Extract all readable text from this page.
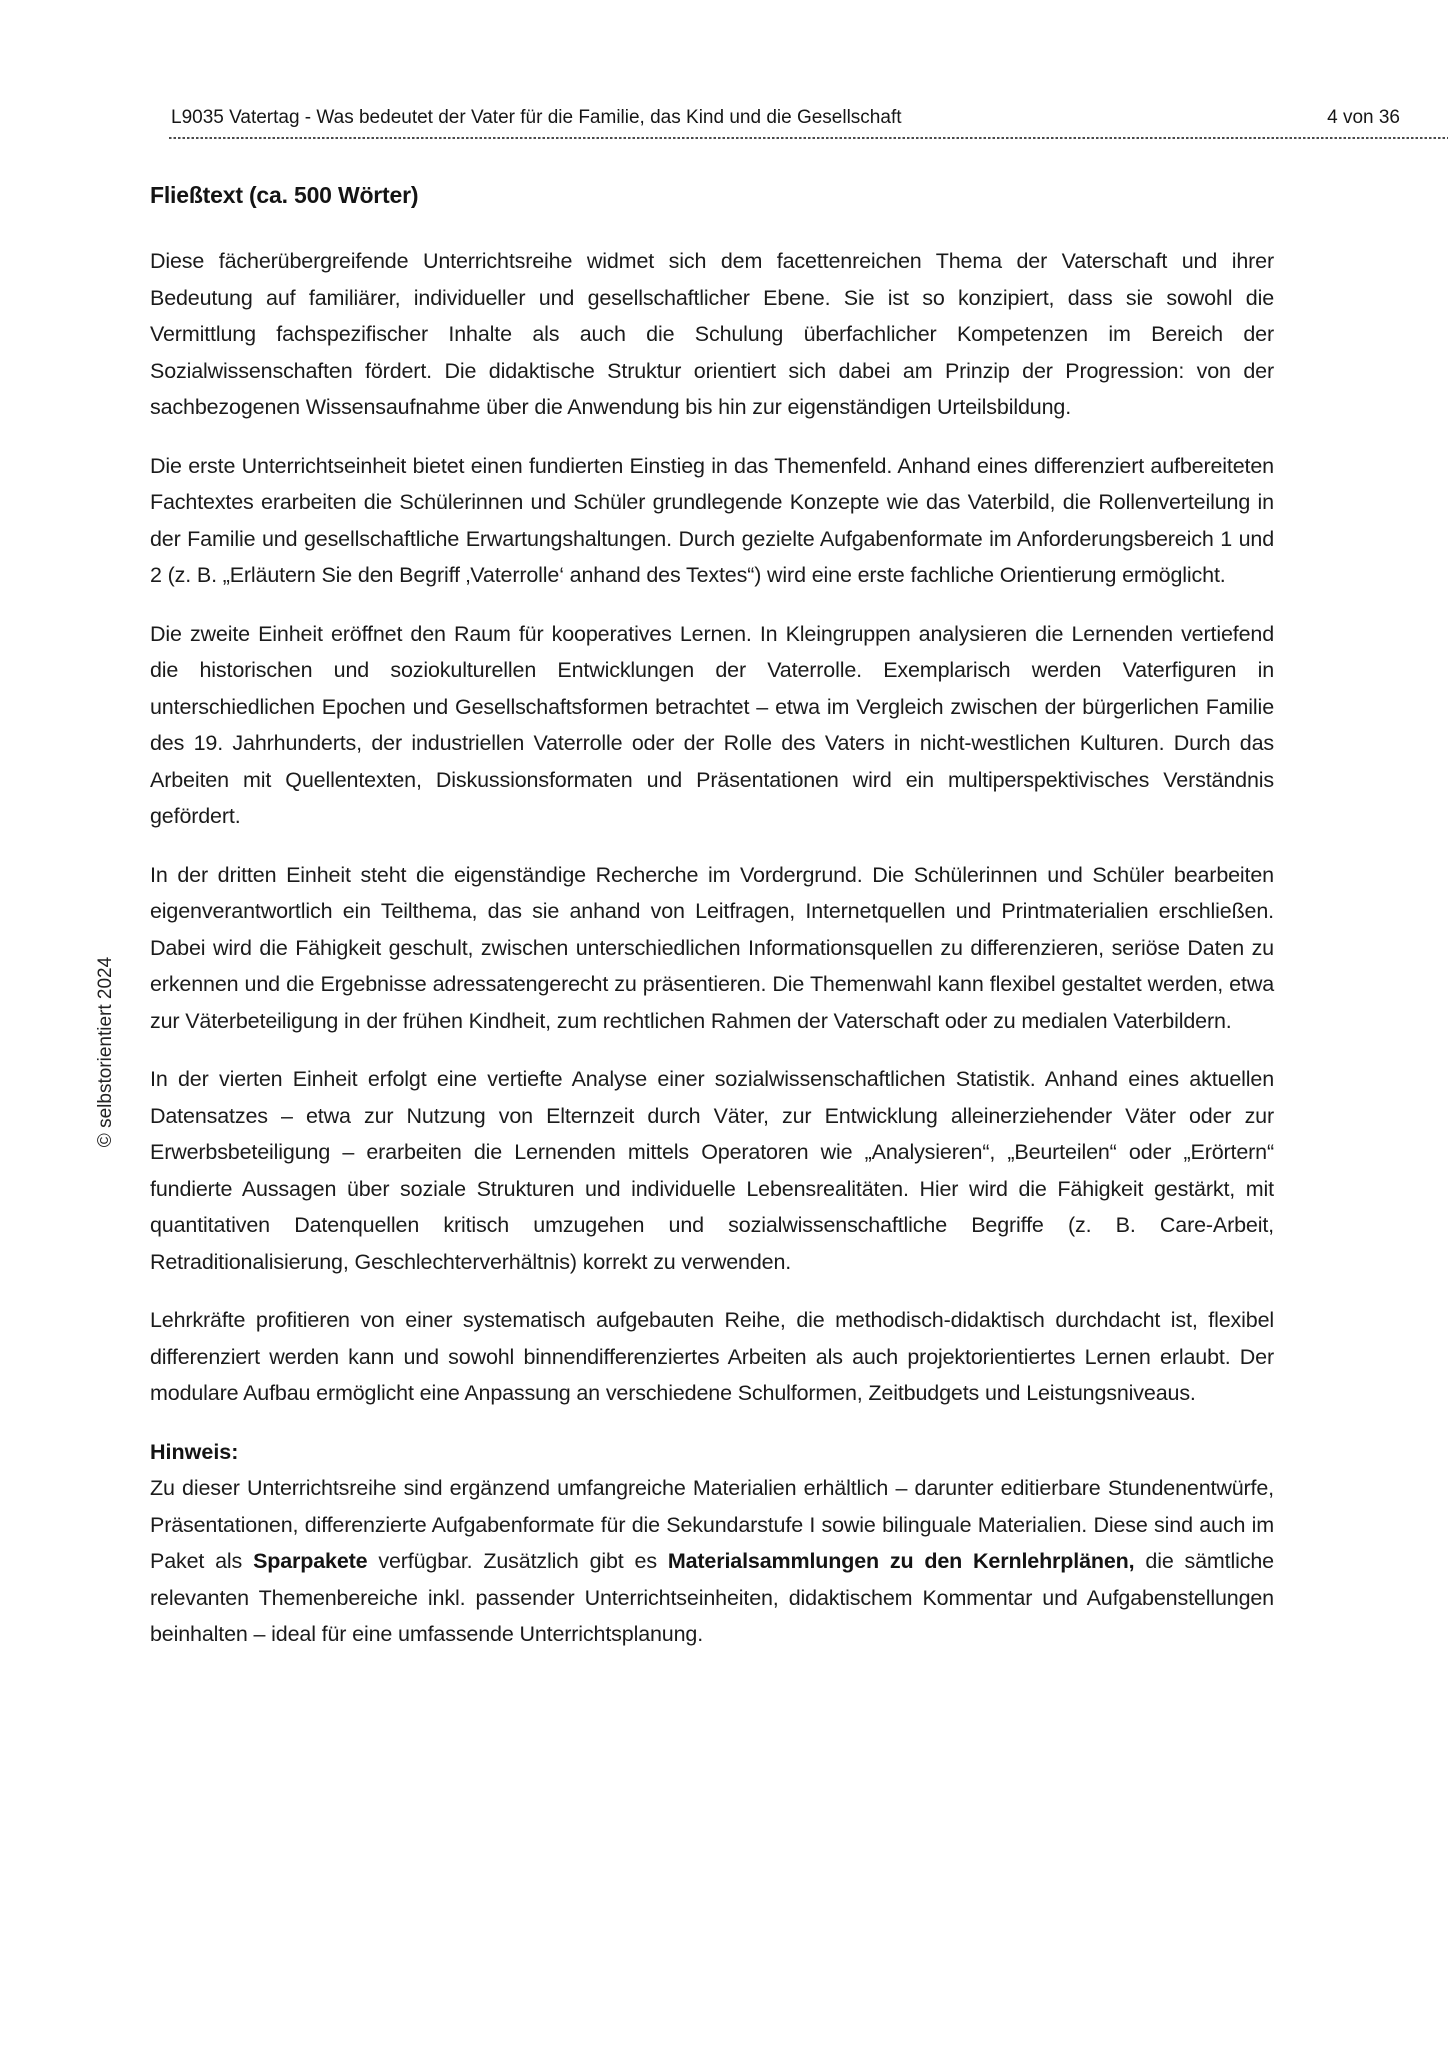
L9035 Vatertag - Was bedeutet der Vater für die Familie, das Kind und die Gesellschaft	4 von 36
© selbstorientiert 2024
Fließtext (ca. 500 Wörter)

Diese fächerübergreifende Unterrichtsreihe widmet sich dem facettenreichen Thema der Vaterschaft und ihrer Bedeutung auf familiärer, individueller und gesellschaftlicher Ebene. Sie ist so konzipiert, dass sie sowohl die Vermittlung fachspezifischer Inhalte als auch die Schulung überfachlicher Kompetenzen im Bereich der Sozialwissenschaften fördert. Die didaktische Struktur orientiert sich dabei am Prinzip der Progression: von der sachbezogenen Wissensaufnahme über die Anwendung bis hin zur eigenständigen Urteilsbildung.

Die erste Unterrichtseinheit bietet einen fundierten Einstieg in das Themenfeld. Anhand eines differenziert aufbereiteten Fachtextes erarbeiten die Schülerinnen und Schüler grundlegende Konzepte wie das Vaterbild, die Rollenverteilung in der Familie und gesellschaftliche Erwartungshaltungen. Durch gezielte Aufgabenformate im Anforderungsbereich 1 und 2 (z. B. „Erläutern Sie den Begriff ‚Vaterrolle‘ anhand des Textes“) wird eine erste fachliche Orientierung ermöglicht.

Die zweite Einheit eröffnet den Raum für kooperatives Lernen. In Kleingruppen analysieren die Lernenden vertiefend die historischen und soziokulturellen Entwicklungen der Vaterrolle. Exemplarisch werden Vaterfiguren in unterschiedlichen Epochen und Gesellschaftsformen betrachtet – etwa im Vergleich zwischen der bürgerlichen Familie des 19. Jahrhunderts, der industriellen Vaterrolle oder der Rolle des Vaters in nicht-westlichen Kulturen. Durch das Arbeiten mit Quellentexten, Diskussionsformaten und Präsentationen wird ein multiperspektivisches Verständnis gefördert.

In der dritten Einheit steht die eigenständige Recherche im Vordergrund. Die Schülerinnen und Schüler bearbeiten eigenverantwortlich ein Teilthema, das sie anhand von Leitfragen, Internetquellen und Printmaterialien erschließen. Dabei wird die Fähigkeit geschult, zwischen unterschiedlichen Informationsquellen zu differenzieren, seriöse Daten zu erkennen und die Ergebnisse adressatengerecht zu präsentieren. Die Themenwahl kann flexibel gestaltet werden, etwa zur Väterbeteiligung in der frühen Kindheit, zum rechtlichen Rahmen der Vaterschaft oder zu medialen Vaterbildern.

In der vierten Einheit erfolgt eine vertiefte Analyse einer sozialwissenschaftlichen Statistik. Anhand eines aktuellen Datensatzes – etwa zur Nutzung von Elternzeit durch Väter, zur Entwicklung alleinerziehender Väter oder zur Erwerbsbeteiligung – erarbeiten die Lernenden mittels Operatoren wie „Analysieren“, „Beurteilen“ oder „Erörtern“ fundierte Aussagen über soziale Strukturen und individuelle Lebensrealitäten. Hier wird die Fähigkeit gestärkt, mit quantitativen Datenquellen kritisch umzugehen und sozialwissenschaftliche Begriffe (z. B. Care-Arbeit, Retraditionalisierung, Geschlechterverhältnis) korrekt zu verwenden.

Lehrkräfte profitieren von einer systematisch aufgebauten Reihe, die methodisch-didaktisch durchdacht ist, flexibel differenziert werden kann und sowohl binnendifferenziertes Arbeiten als auch projektorientiertes Lernen erlaubt. Der modulare Aufbau ermöglicht eine Anpassung an verschiedene Schulformen, Zeitbudgets und Leistungsniveaus.

Hinweis:

Zu dieser Unterrichtsreihe sind ergänzend umfangreiche Materialien erhältlich – darunter editierbare Stundenentwürfe, Präsentationen, differenzierte Aufgabenformate für die Sekundarstufe I sowie bilinguale Materialien. Diese sind auch im Paket als Sparpakete verfügbar. Zusätzlich gibt es Materialsammlungen zu den Kernlehrplänen, die sämtliche relevanten Themenbereiche inkl. passender Unterrichtseinheiten, didaktischem Kommentar und Aufgabenstellungen beinhalten – ideal für eine umfassende Unterrichtsplanung.
